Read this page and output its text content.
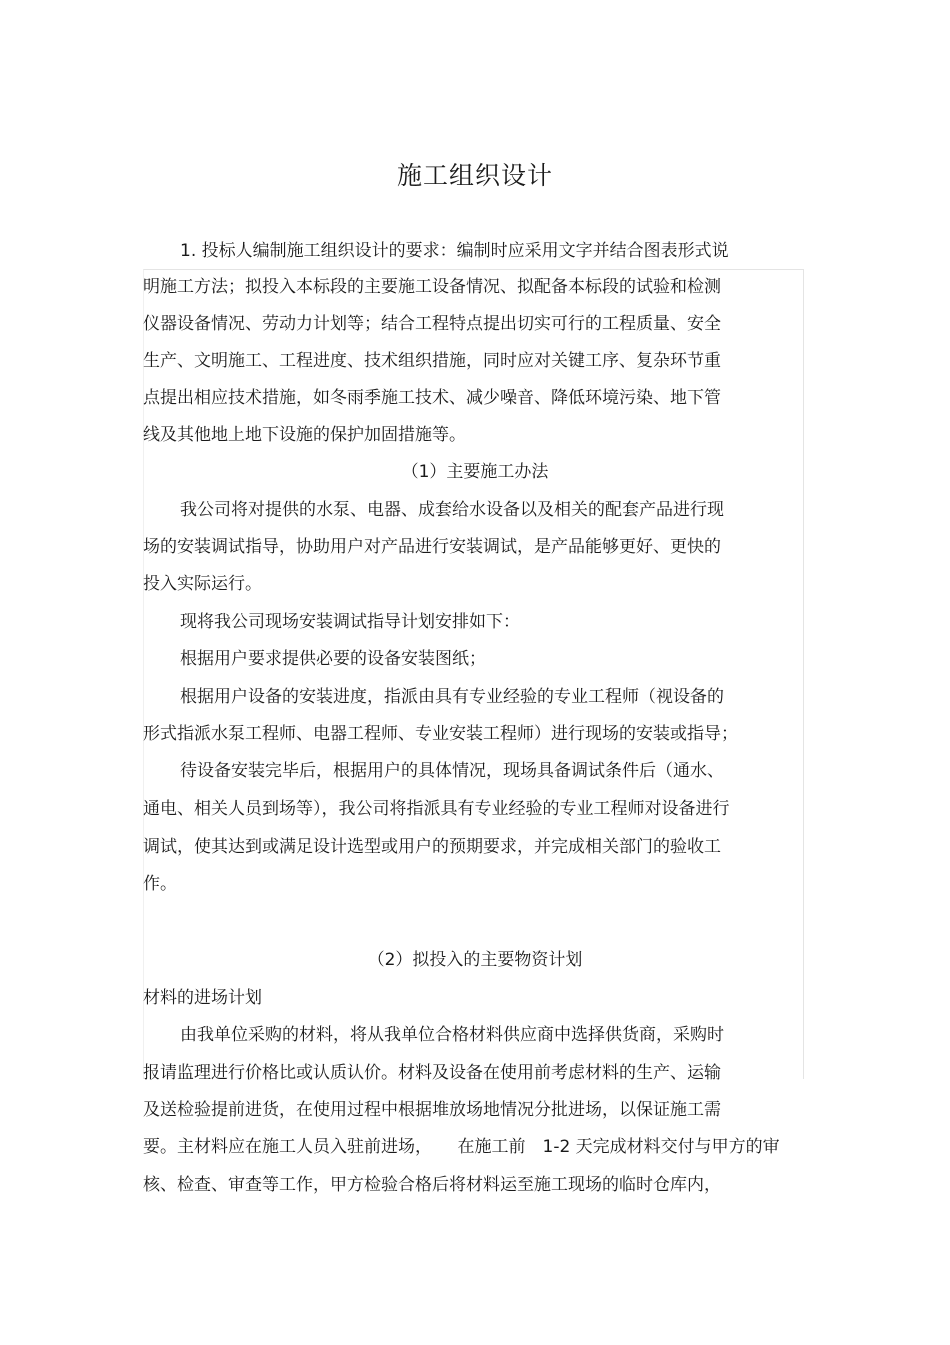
施工组织设计
1. 投标人编制施工组织设计的要求：编制时应采用文字并结合图表形式说
明施工方法；拟投入本标段的主要施工设备情况、拟配备本标段的试验和检测
仪器设备情况、劳动力计划等；结合工程特点提出切实可行的工程质量、安全
生产、文明施工、工程进度、技术组织措施，同时应对关键工序、复杂环节重
点提出相应技术措施，如冬雨季施工技术、减少噪音、降低环境污染、地下管
线及其他地上地下设施的保护加固措施等。
（1）主要施工办法
我公司将对提供的水泵、电器、成套给水设备以及相关的配套产品进行现
场的安装调试指导，协助用户对产品进行安装调试，是产品能够更好、更快的
投入实际运行。
现将我公司现场安装调试指导计划安排如下：
根据用户要求提供必要的设备安装图纸；
根据用户设备的安装进度，指派由具有专业经验的专业工程师（视设备的
形式指派水泵工程师、电器工程师、专业安装工程师）进行现场的安装或指导；
待设备安装完毕后，根据用户的具体情况，现场具备调试条件后（通水、
通电、相关人员到场等），我公司将指派具有专业经验的专业工程师对设备进行
调试，使其达到或满足设计选型或用户的预期要求，并完成相关部门的验收工
作。
（2）拟投入的主要物资计划
材料的进场计划
由我单位采购的材料，将从我单位合格材料供应商中选择供货商，采购时
报请监理进行价格比或认质认价。材料及设备在使用前考虑材料的生产、运输
及送检验提前进货，在使用过程中根据堆放场地情况分批进场，以保证施工需
要。主材料应在施工人员入驻前进场，　　在施工前　1-2 天完成材料交付与甲方的审
核、检查、审查等工作，甲方检验合格后将材料运至施工现场的临时仓库内，
